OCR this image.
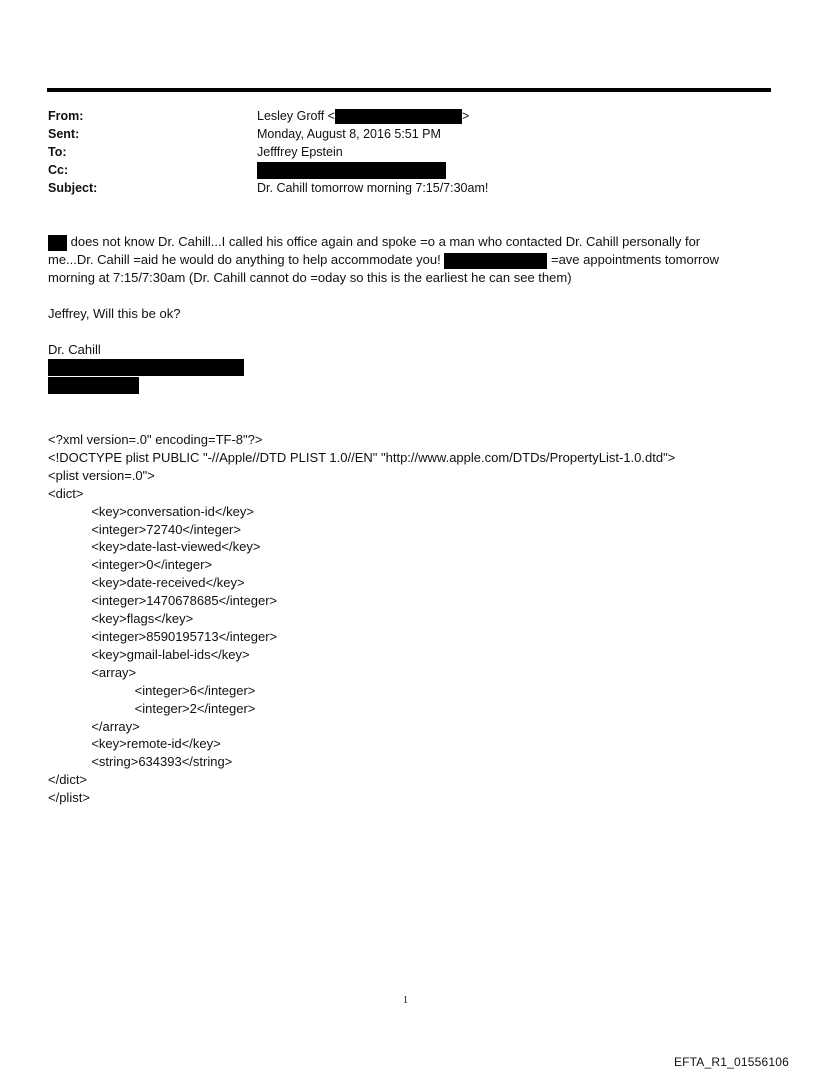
From:	Lesley Groff <	>
Sent:	Monday, August 8, 2016 5:51 PM
To:	Jefffrey Epstein
Cc:
Subject:	Dr. Cahill tomorrow morning 7:15/7:30am!
does not know Dr. Cahill...I called his office again and spoke =o a man who contacted Dr. Cahill personally for
me...Dr. Cahill =aid he would do anything to help accommodate you!	=ave appointments tomorrow
morning at 7:15/7:30am (Dr. Cahill cannot do =oday so this is the earliest he can see them)
Jeffrey, Will this be ok?
Dr. Cahill
<?xml version=.0" encoding=TF-8"?>
<!DOCTYPE plist PUBLIC "-//Apple//DTD PLIST 1.0//EN" "http://www.apple.com/DTDs/PropertyList-1.0.dtd">
<plist version=.0">
<dict>
<key>conversation-id</key>
<integer>72740</integer>
<key>date-last-viewed</key>
<integer>0</integer>
<key>date-received</key>
<integer>1470678685</integer>
<key>flags</key>
<integer>8590195713</integer>
<key>gmail-label-ids</key>
<array>
<integer>6</integer>
<integer>2</integer>
</array>
<key>remote-id</key>
<string>634393</string>
</dict>
</plist>
1
EFTA_R1_01556106
